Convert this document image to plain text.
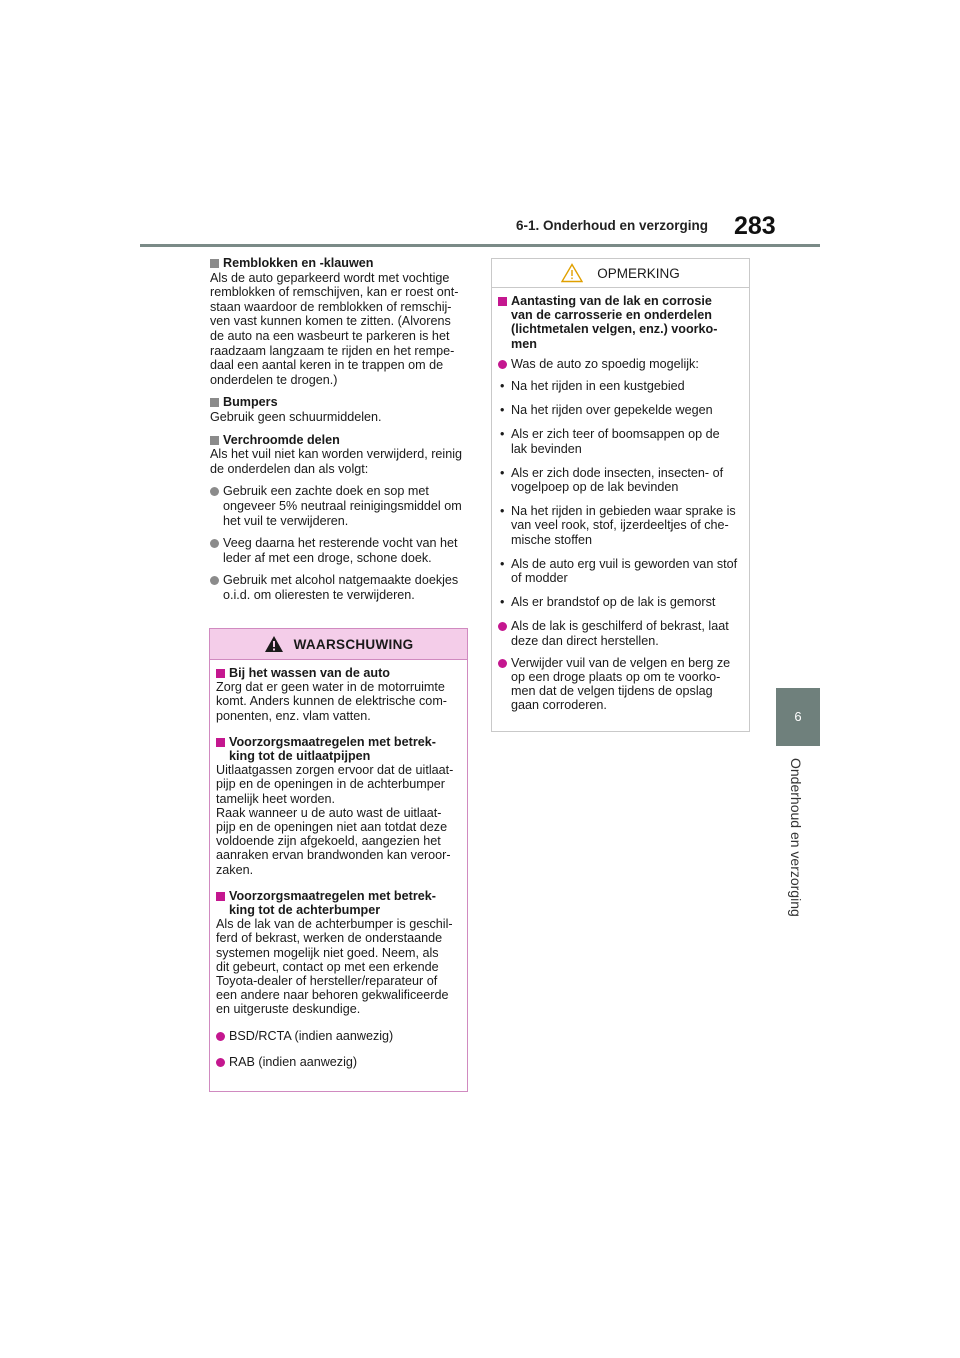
6-1. Onderhoud en verzorging 283
6
Onderhoud en verzorging
Remblokken en -klauwen
Als de auto geparkeerd wordt met vochtige
remblokken of remschijven, kan er roest ont-
staan waardoor de remblokken of remschij-
ven vast kunnen komen te zitten. (Alvorens
de auto na een wasbeurt te parkeren is het
raadzaam langzaam te rijden en het rempe-
daal een aantal keren in te trappen om de
onderdelen te drogen.)
Bumpers
Gebruik geen schuurmiddelen.
Verchroomde delen
Als het vuil niet kan worden verwijderd, reinig
de onderdelen dan als volgt:
Gebruik een zachte doek en sop met
ongeveer 5% neutraal reinigingsmiddel om
het vuil te verwijderen.
Veeg daarna het resterende vocht van het
leder af met een droge, schone doek.
Gebruik met alcohol natgemaakte doekjes
o.i.d. om olieresten te verwijderen.
WAARSCHUWING
Bij het wassen van de auto
Zorg dat er geen water in de motorruimte
komt. Anders kunnen de elektrische com-
ponenten, enz. vlam vatten.
Voorzorgsmaatregelen met betrek-
king tot de uitlaatpijpen
Uitlaatgassen zorgen ervoor dat de uitlaat-
pijp en de openingen in de achterbumper
tamelijk heet worden.
Raak wanneer u de auto wast de uitlaat-
pijp en de openingen niet aan totdat deze
voldoende zijn afgekoeld, aangezien het
aanraken ervan brandwonden kan veroor-
zaken.
Voorzorgsmaatregelen met betrek-
king tot de achterbumper
Als de lak van de achterbumper is geschil-
ferd of bekrast, werken de onderstaande
systemen mogelijk niet goed. Neem, als
dit gebeurt, contact op met een erkende
Toyota-dealer of hersteller/reparateur of
een andere naar behoren gekwalificeerde
en uitgeruste deskundige.
BSD/RCTA (indien aanwezig)
RAB (indien aanwezig)
OPMERKING
Aantasting van de lak en corrosie
van de carrosserie en onderdelen
(lichtmetalen velgen, enz.) voorko-
men
Was de auto zo spoedig mogelijk:
• Na het rijden in een kustgebied
• Na het rijden over gepekelde wegen
• Als er zich teer of boomsappen op de
lak bevinden
• Als er zich dode insecten, insecten- of
vogelpoep op de lak bevinden
• Na het rijden in gebieden waar sprake is
van veel rook, stof, ijzerdeeltjes of che-
mische stoffen
• Als de auto erg vuil is geworden van stof
of modder
• Als er brandstof op de lak is gemorst
Als de lak is geschilferd of bekrast, laat
deze dan direct herstellen.
Verwijder vuil van de velgen en berg ze
op een droge plaats op om te voorko-
men dat de velgen tijdens de opslag
gaan corroderen.
